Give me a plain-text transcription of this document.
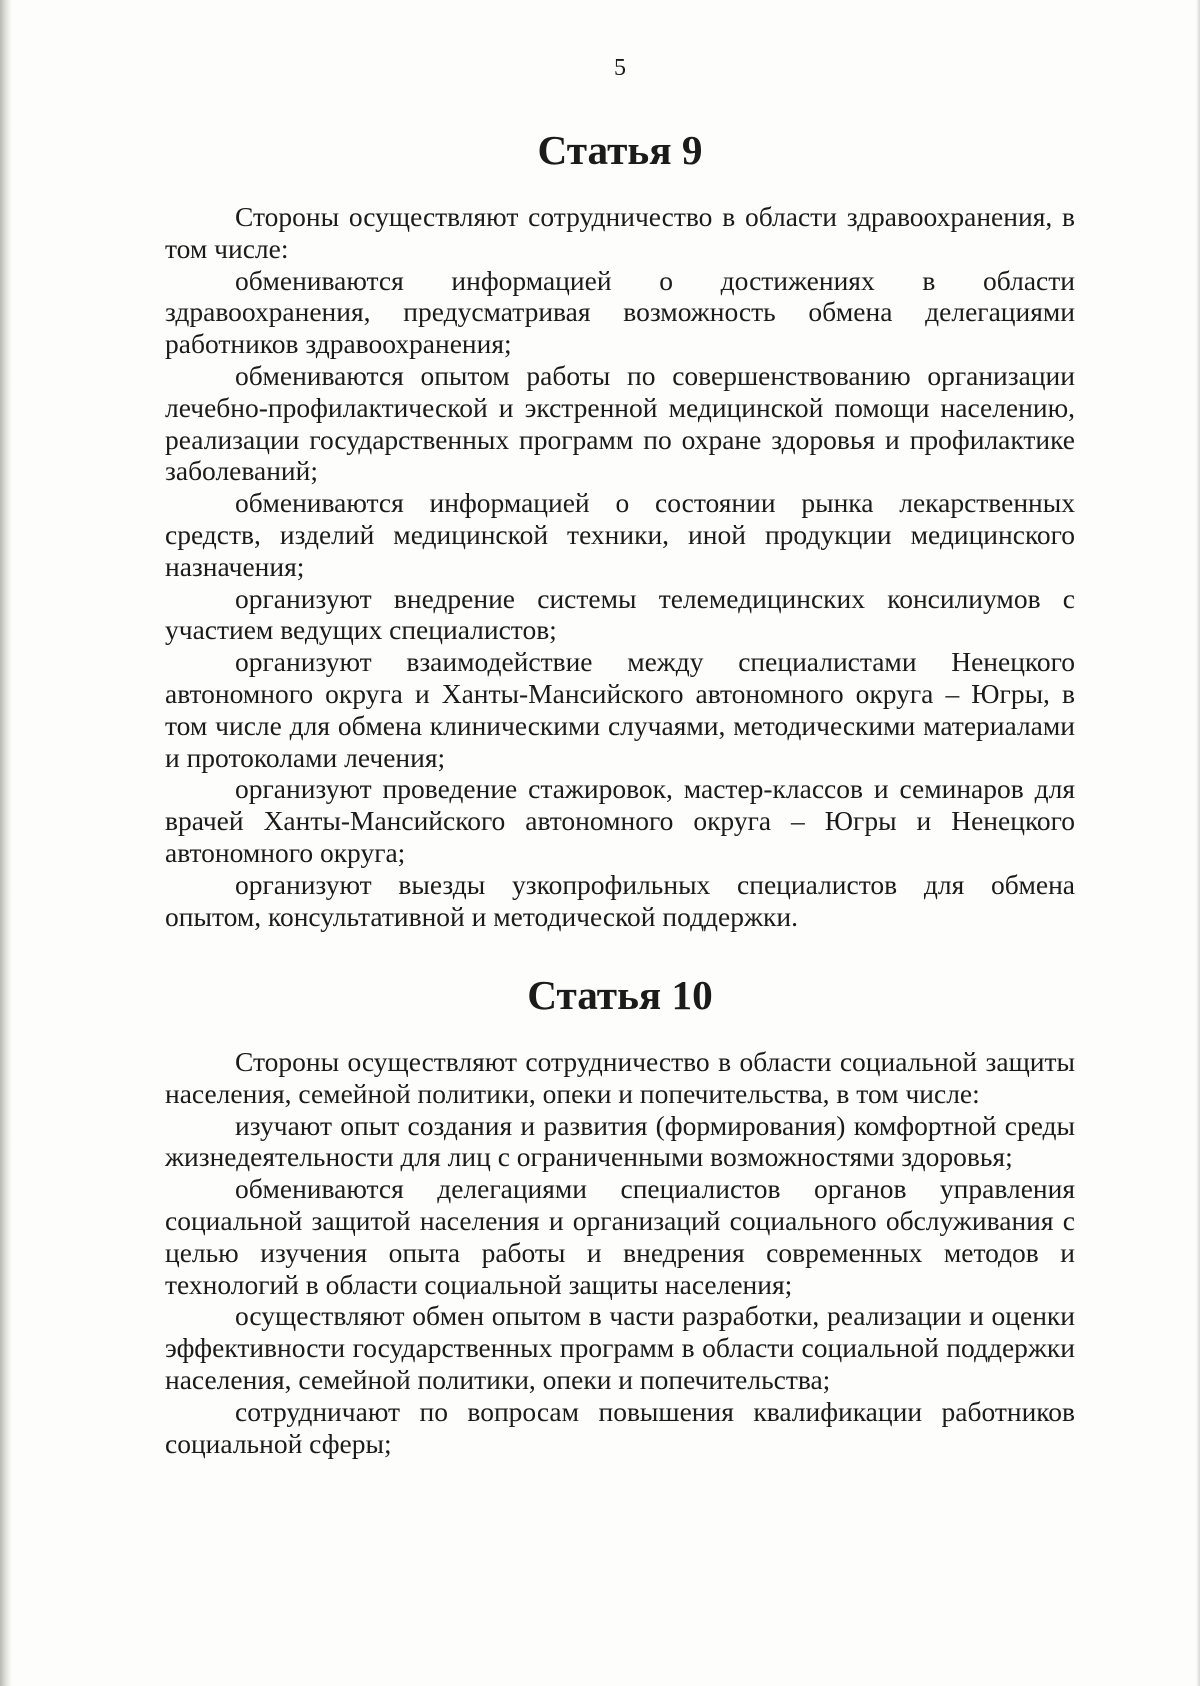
5
Статья 9

Стороны осуществляют сотрудничество в области здравоохранения, в том числе:

обмениваются информацией о достижениях в области здравоохранения, предусматривая возможность обмена делегациями работников здравоохранения;

обмениваются опытом работы по совершенствованию организации лечебно-профилактической и экстренной медицинской помощи населению, реализации государственных программ по охране здоровья и профилактике заболеваний;

обмениваются информацией о состоянии рынка лекарственных средств, изделий медицинской техники, иной продукции медицинского назначения;

организуют внедрение системы телемедицинских консилиумов с участием ведущих специалистов;

организуют взаимодействие между специалистами Ненецкого автономного округа и Ханты-Мансийского автономного округа – Югры, в том числе для обмена клиническими случаями, методическими материалами и протоколами лечения;

организуют проведение стажировок, мастер-классов и семинаров для врачей Ханты-Мансийского автономного округа – Югры и Ненецкого автономного округа;

организуют выезды узкопрофильных специалистов для обмена опытом, консультативной и методической поддержки.

Статья 10

Стороны осуществляют сотрудничество в области социальной защиты населения, семейной политики, опеки и попечительства, в том числе:

изучают опыт создания и развития (формирования) комфортной среды жизнедеятельности для лиц с ограниченными возможностями здоровья;

обмениваются делегациями специалистов органов управления социальной защитой населения и организаций социального обслуживания с целью изучения опыта работы и внедрения современных методов и технологий в области социальной защиты населения;

осуществляют обмен опытом в части разработки, реализации и оценки эффективности государственных программ в области социальной поддержки населения, семейной политики, опеки и попечительства;

сотрудничают по вопросам повышения квалификации работников социальной сферы;
